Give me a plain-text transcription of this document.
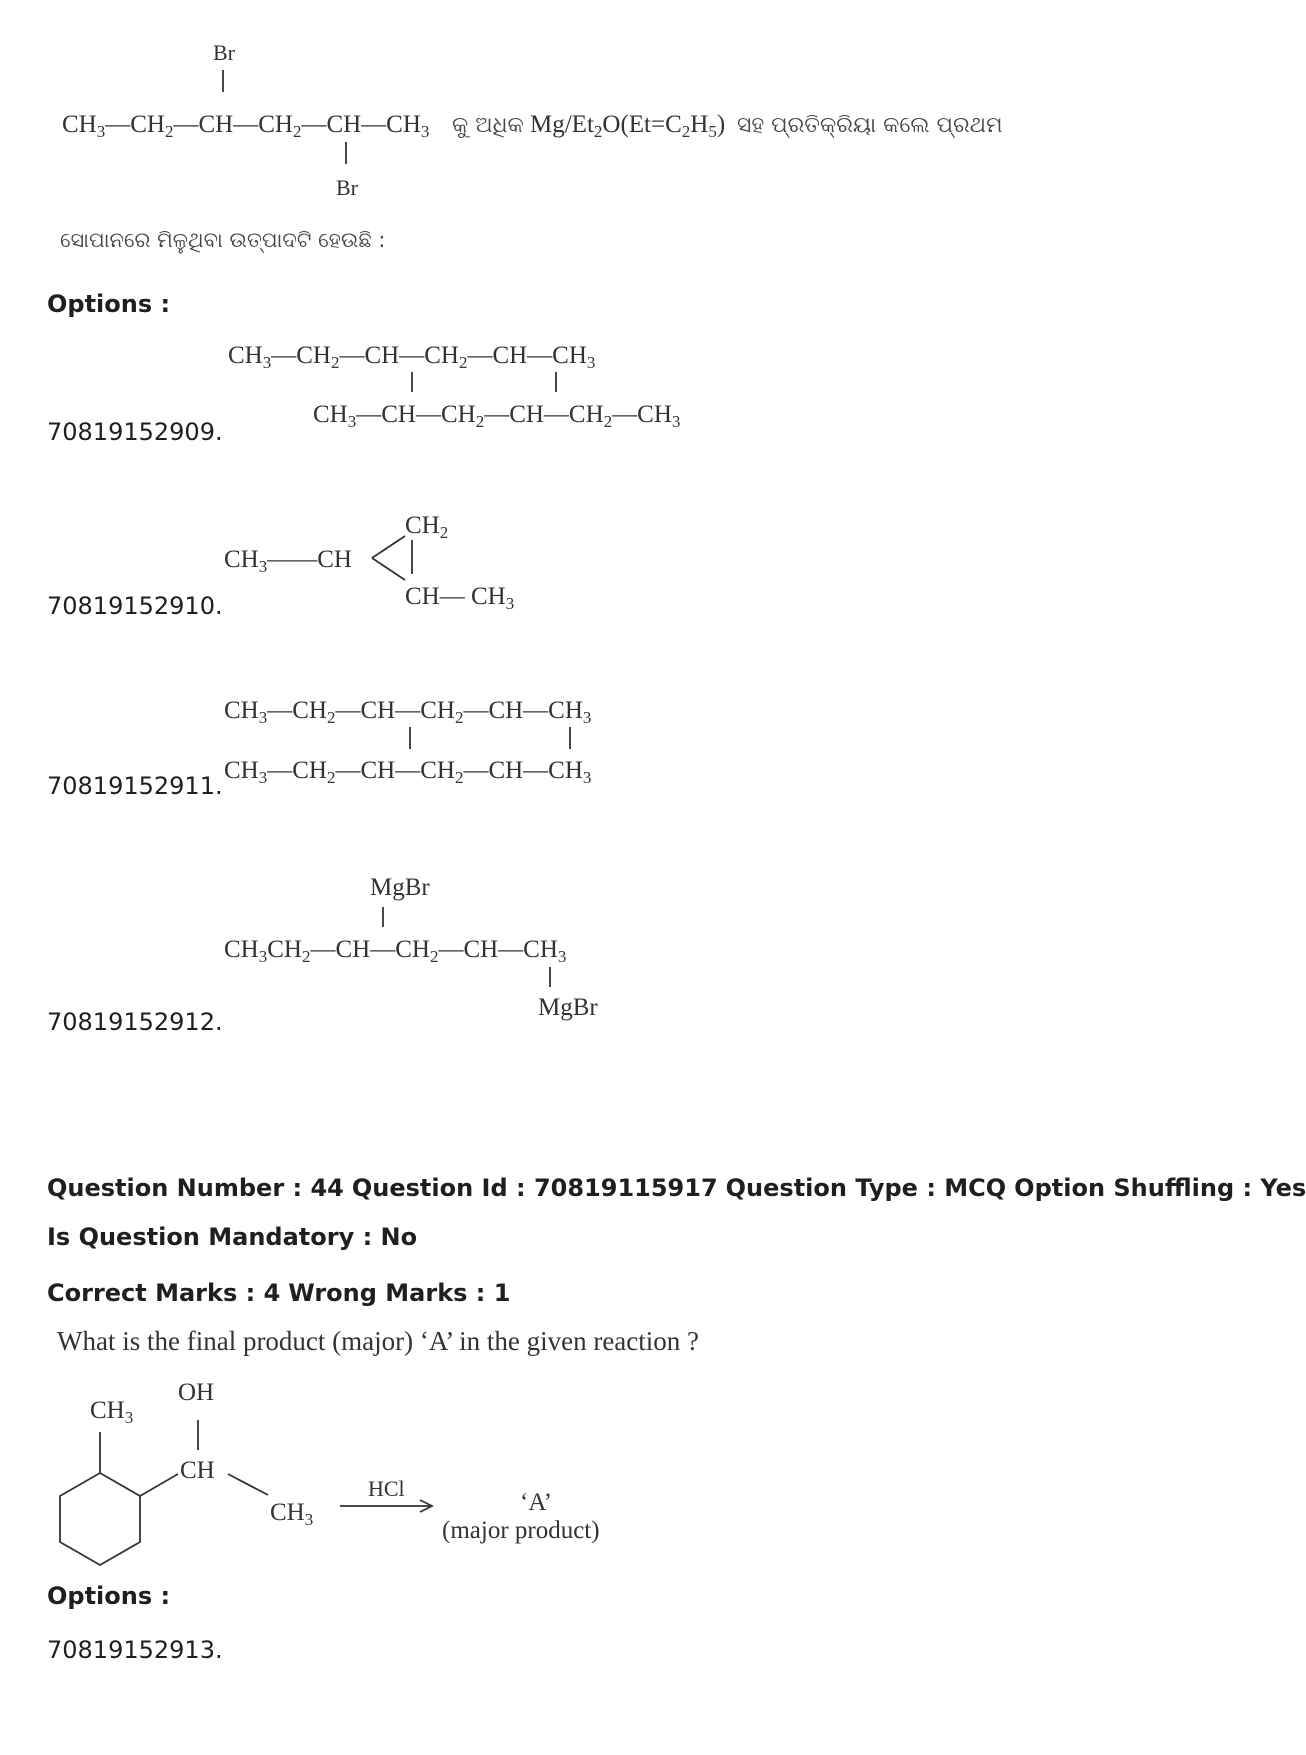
Br
$CH_3—CH_2—CH—CH_2—CH—CH_3$
Br
$Mg/Et_2O(Et=C_2H_5)$
କୁ ଅଧିକ	ସହ ପ୍ରତିକ୍ରିୟା କଲେ ପ୍ରଥମ

ସୋପାନରେ ମିଳୁଥିବା ଉତ୍ପାଦଟି ହେଉଛି :

Options :

$CH_3—CH_2—CH—CH_2—CH—CH_3$
$CH_3—CH—CH_2—CH—CH_2—CH_3$

70819152909.

$CH_2$
$CH_3——CH$
CH— $CH_3$

70819152910.

$CH_3—CH_2—CH—CH_2—CH—CH_3$
$CH_3—CH_2—CH—CH_2—CH—CH_3$

70819152911.

MgBr
$CH_3CH_2—CH—CH_2—CH—CH_3$
MgBr

70819152912.

Question Number : 44 Question Id : 70819115917 Question Type : MCQ Option Shuffling : Yes

Is Question Mandatory : No

Correct Marks : 4 Wrong Marks : 1

What is the final product (major) ‘A’ in the given reaction ?

$CH_3$
CH
OH
$CH_3$
HCl
‘A’
(major product)

Options :

70819152913.
